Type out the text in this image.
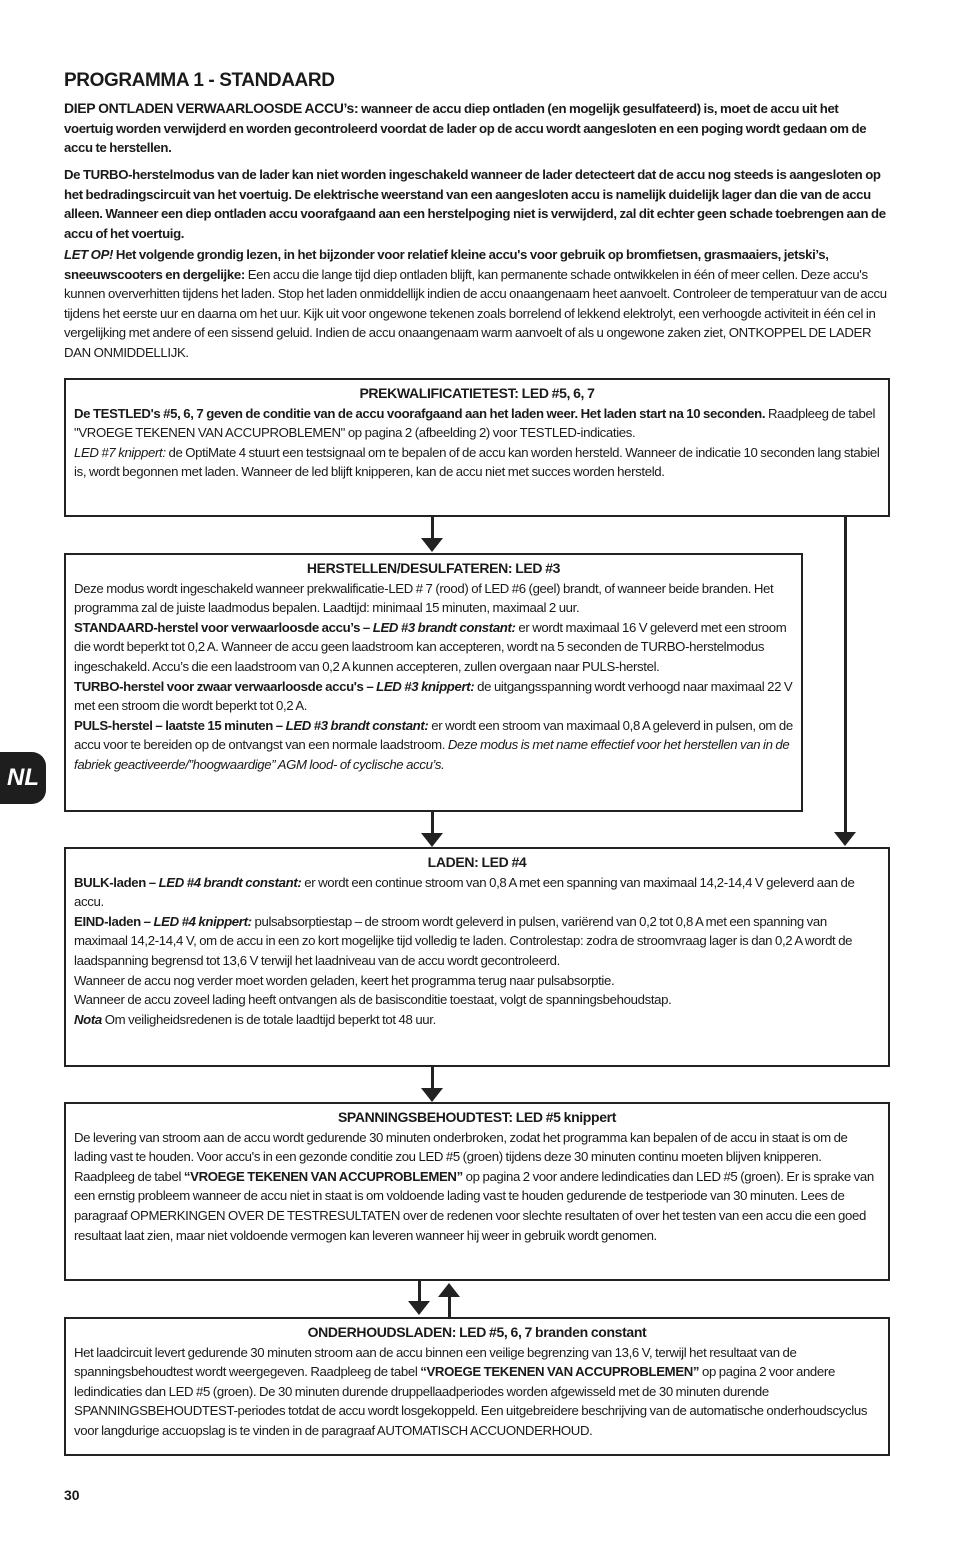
PROGRAMMA 1 - STANDAARD
DIEP ONTLADEN VERWAARLOOSDE ACCU’s: wanneer de accu diep ontladen (en mogelijk gesulfateerd) is, moet de accu uit het voertuig worden verwijderd en worden gecontroleerd voordat de lader op de accu wordt aangesloten en een poging wordt gedaan om de accu te herstellen.
De TURBO-herstelmodus van de lader kan niet worden ingeschakeld wanneer de lader detecteert dat de accu nog steeds is aangesloten op het bedradingscircuit van het voertuig. De elektrische weerstand van een aangesloten accu is namelijk duidelijk lager dan die van de accu alleen. Wanneer een diep ontladen accu voorafgaand aan een herstelpoging niet is verwijderd, zal dit echter geen schade toebrengen aan de accu of het voertuig.
LET OP! Het volgende grondig lezen, in het bijzonder voor relatief kleine accu's voor gebruik op bromfietsen, grasmaaiers, jetski’s, sneeuwscooters en dergelijke: Een accu die lange tijd diep ontladen blijft, kan permanente schade ontwikkelen in één of meer cellen. Deze accu's kunnen oververhitten tijdens het laden. Stop het laden onmiddellijk indien de accu onaangenaam heet aanvoelt. Controleer de temperatuur van de accu tijdens het eerste uur en daarna om het uur. Kijk uit voor ongewone tekenen zoals borrelend of lekkend elektrolyt, een verhoogde activiteit in één cel in vergelijking met andere of een sissend geluid. Indien de accu onaangenaam warm aanvoelt of als u ongewone zaken ziet, ONTKOPPEL DE LADER DAN ONMIDDELLIJK.
PREKWALIFICATIETEST: LED #5, 6, 7
De TESTLED's #5, 6, 7 geven de conditie van de accu voorafgaand aan het laden weer. Het laden start na 10 seconden. Raadpleeg de tabel "VROEGE TEKENEN VAN ACCUPROBLEMEN" op pagina 2 (afbeelding 2) voor TESTLED-indicaties.
LED #7 knippert: de OptiMate 4 stuurt een testsignaal om te bepalen of de accu kan worden hersteld. Wanneer de indicatie 10 seconden lang stabiel is, wordt begonnen met laden. Wanneer de led blijft knipperen, kan de accu niet met succes worden hersteld.
HERSTELLEN/DESULFATEREN: LED #3
Deze modus wordt ingeschakeld wanneer prekwalificatie-LED # 7 (rood) of LED #6 (geel) brandt, of wanneer beide branden. Het programma zal de juiste laadmodus bepalen. Laadtijd: minimaal 15 minuten, maximaal 2 uur.
STANDAARD-herstel voor verwaarloosde accu’s – LED #3 brandt constant: er wordt maximaal 16 V geleverd met een stroom die wordt beperkt tot 0,2 A. Wanneer de accu geen laadstroom kan accepteren, wordt na 5 seconden de TURBO-herstelmodus ingeschakeld. Accu’s die een laadstroom van 0,2 A kunnen accepteren, zullen overgaan naar PULS-herstel.
TURBO-herstel voor zwaar verwaarloosde accu's – LED #3 knippert: de uitgangsspanning wordt verhoogd naar maximaal 22 V met een stroom die wordt beperkt tot 0,2 A.
PULS-herstel – laatste 15 minuten – LED #3 brandt constant: er wordt een stroom van maximaal 0,8 A geleverd in pulsen, om de accu voor te bereiden op de ontvangst van een normale laadstroom. Deze modus is met name effectief voor het herstellen van in de fabriek geactiveerde/”hoogwaardige” AGM lood- of cyclische accu’s.
LADEN: LED #4
BULK-laden – LED #4 brandt constant: er wordt een continue stroom van 0,8 A met een spanning van maximaal 14,2-14,4 V geleverd aan de accu.
EIND-laden – LED #4 knippert: pulsabsorptiestap – de stroom wordt geleverd in pulsen, variërend van 0,2 tot 0,8 A met een spanning van maximaal 14,2-14,4 V, om de accu in een zo kort mogelijke tijd volledig te laden. Controlestap: zodra de stroomvraag lager is dan 0,2 A wordt de laadspanning begrensd tot 13,6 V terwijl het laadniveau van de accu wordt gecontroleerd.
Wanneer de accu nog verder moet worden geladen, keert het programma terug naar pulsabsorptie.
Wanneer de accu zoveel lading heeft ontvangen als de basisconditie toestaat, volgt de spanningsbehoudstap.
Nota Om veiligheidsredenen is de totale laadtijd beperkt tot 48 uur.
SPANNINGSBEHOUDTEST: LED #5 knippert
De levering van stroom aan de accu wordt gedurende 30 minuten onderbroken, zodat het programma kan bepalen of de accu in staat is om de lading vast te houden. Voor accu's in een gezonde conditie zou LED #5 (groen) tijdens deze 30 minuten continu moeten blijven knipperen. Raadpleeg de tabel “VROEGE TEKENEN VAN ACCUPROBLEMEN” op pagina 2 voor andere ledindicaties dan LED #5 (groen). Er is sprake van een ernstig probleem wanneer de accu niet in staat is om voldoende lading vast te houden gedurende de testperiode van 30 minuten. Lees de paragraaf OPMERKINGEN OVER DE TESTRESULTATEN over de redenen voor slechte resultaten of over het testen van een accu die een goed resultaat laat zien, maar niet voldoende vermogen kan leveren wanneer hij weer in gebruik wordt genomen.
ONDERHOUDSLADEN: LED #5, 6, 7 branden constant
Het laadcircuit levert gedurende 30 minuten stroom aan de accu binnen een veilige begrenzing van 13,6 V, terwijl het resultaat van de spanningsbehoudtest wordt weergegeven. Raadpleeg de tabel “VROEGE TEKENEN VAN ACCUPROBLEMEN” op pagina 2 voor andere ledindicaties dan LED #5 (groen). De 30 minuten durende druppellaadperiodes worden afgewisseld met de 30 minuten durende SPANNINGSBEHOUDTEST-periodes totdat de accu wordt losgekoppeld. Een uitgebreidere beschrijving van de automatische onderhoudscyclus voor langdurige accuopslag is te vinden in de paragraaf AUTOMATISCH ACCUONDERHOUD.
NL
30
